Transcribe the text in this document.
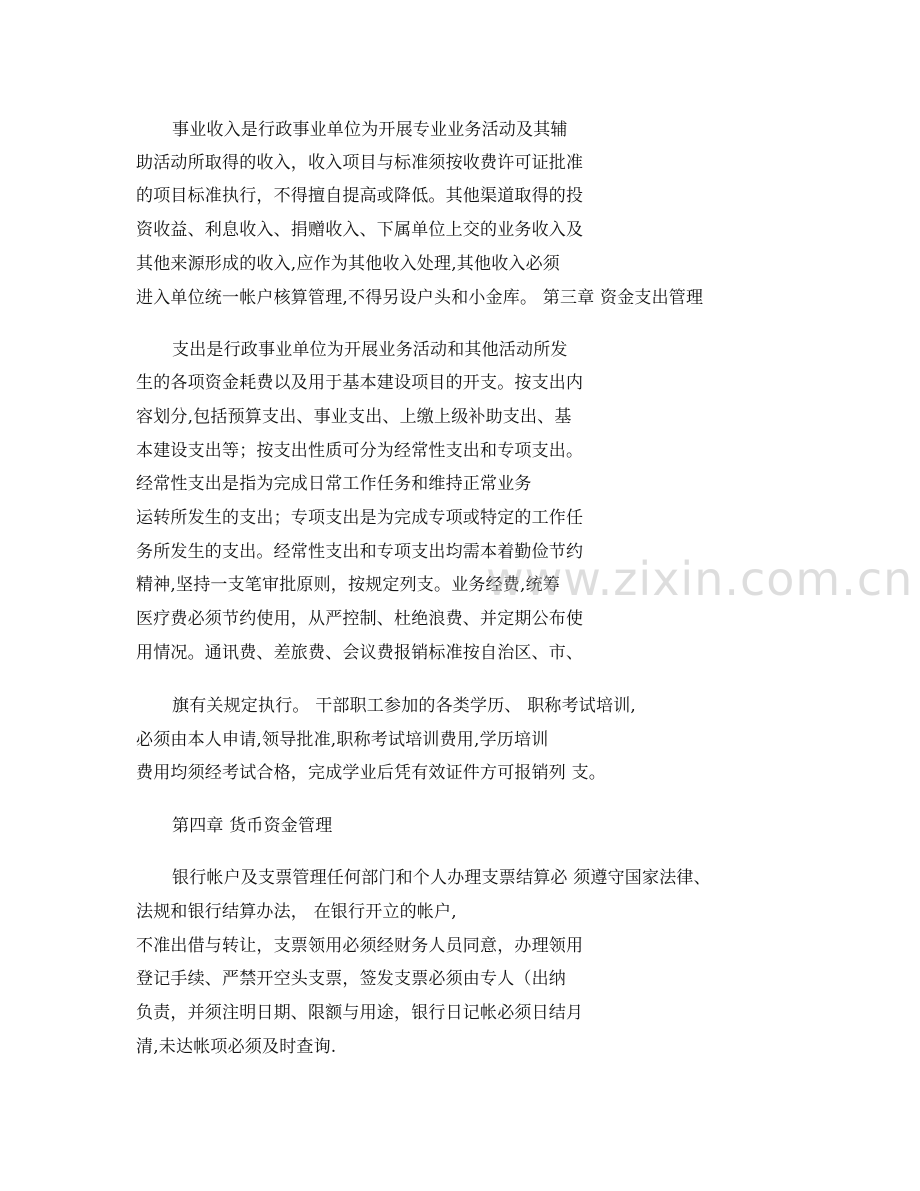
事业收入是行政事业单位为开展专业业务活动及其辅
助活动所取得的收入，收入项目与标准须按收费许可证批准
的项目标准执行，不得擅自提高或降低。其他渠道取得的投
资收益、利息收入、捐赠收入、下属单位上交的业务收入及
其他来源形成的收入,应作为其他收入处理,其他收入必须
进入单位统一帐户核算管理,不得另设户头和小金库。 第三章 资金支出管理
支出是行政事业单位为开展业务活动和其他活动所发
生的各项资金耗费以及用于基本建设项目的开支。按支出内
容划分,包括预算支出、事业支出、上缴上级补助支出、基
本建设支出等；按支出性质可分为经常性支出和专项支出。
经常性支出是指为完成日常工作任务和维持正常业务
运转所发生的支出；专项支出是为完成专项或特定的工作任
务所发生的支出。经常性支出和专项支出均需本着勤俭节约
精神,坚持一支笔审批原则，按规定列支。业务经费,统筹
医疗费必须节约使用，从严控制、杜绝浪费、并定期公布使
用情况。通讯费、差旅费、会议费报销标准按自治区、市、
旗有关规定执行。 干部职工参加的各类学历、 职称考试培训,
必须由本人申请,领导批准,职称考试培训费用,学历培训
费用均须经考试合格，完成学业后凭有效证件方可报销列 支。
第四章 货币资金管理
银行帐户及支票管理任何部门和个人办理支票结算必 须遵守国家法律、
法规和银行结算办法， 在银行开立的帐户,
不准出借与转让，支票领用必须经财务人员同意，办理领用
登记手续、严禁开空头支票，签发支票必须由专人（出纳
负责，并须注明日期、限额与用途，银行日记帐必须日结月
清,未达帐项必须及时查询.
www.zixin.com.cn
